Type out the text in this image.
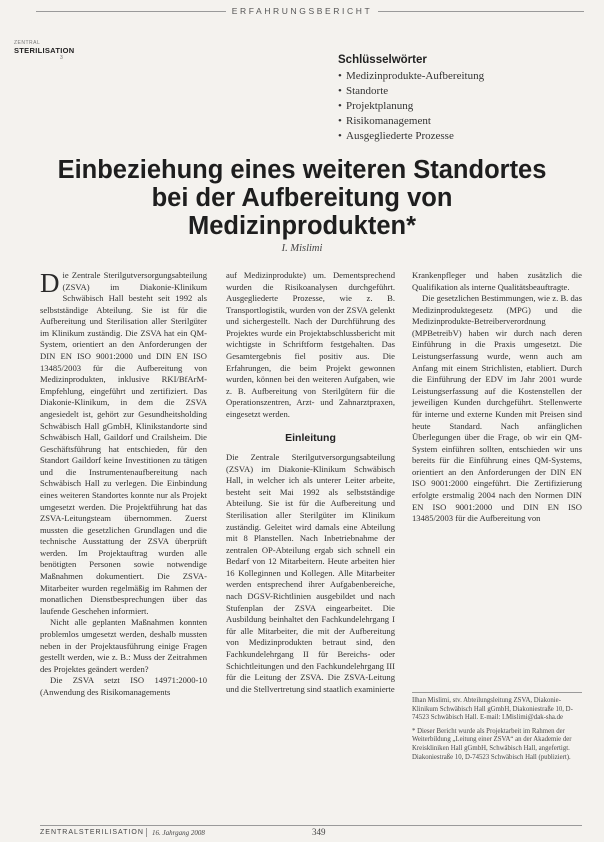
ERFAHRUNGSBERICHT
ZENTRAL
STERILISATION
3	Schlüsselwörter
• Medizinprodukte-Aufbereitung
• Standorte
• Projektplanung
• Risikomanagement
• Ausgegliederte Prozesse
Einbeziehung eines weiteren Standortes bei der Aufbereitung von Medizinprodukten*
I. Mislimi

Die Zentrale Sterilgutversorgungsabteilung (ZSVA) im Diakonie-Klinikum Schwäbisch Hall besteht seit 1992 als selbstständige Abteilung. Sie ist für die Aufbereitung und Sterilisation aller Sterilgüter im Klinikum zuständig. Die ZSVA hat ein QM-System, orientiert an den Anforderungen der DIN EN ISO 9001:2000 und DIN EN ISO 13485/2003 für die Aufbereitung von Medizinprodukten, inklusive RKI/BfArM-Empfehlung, eingeführt und zertifiziert. Das Diakonie-Klinikum, in dem die ZSVA angesiedelt ist, gehört zur Gesundheitsholding Schwäbisch Hall gGmbH, Klinikstandorte sind Schwäbisch Hall, Gaildorf und Crailsheim. Die Geschäftsführung hat entschieden, für den Standort Gaildorf keine Investitionen zu tätigen und die Instrumentenaufbereitung nach Schwäbisch Hall zu verlegen. Die Einbindung eines weiteren Standortes konnte nur als Projekt umgesetzt werden. Die Projektführung hat das ZSVA-Leitungsteam übernommen. Zuerst mussten die gesetzlichen Grundlagen und die technische Ausstattung der ZSVA überprüft werden. Im Projektauftrag wurden alle benötigten Personen sowie notwendige Maßnahmen dokumentiert. Die ZSVA-Mitarbeiter wurden regelmäßig im Rahmen der monatlichen Dienstbesprechungen über das laufende Geschehen informiert.

Nicht alle geplanten Maßnahmen konnten problemlos umgesetzt werden, deshalb mussten neben in der Projektausführung einige Fragen gestellt werden, wie z. B.: Muss der Zeitrahmen des Projektes geändert werden?

Die ZSVA setzt ISO 14971:2000-10 (Anwendung des Risikomanagements

auf Medizinprodukte) um. Dementsprechend wurden die Risikoanalysen durchgeführt. Ausgegliederte Prozesse, wie z. B. Transportlogistik, wurden von der ZSVA gelenkt und sichergestellt. Nach der Durchführung des Projektes wurde ein Projektabschlussbericht mit wichtigste in Schriftform festgehalten. Das Gesamtergebnis fiel positiv aus. Die Erfahrungen, die beim Projekt gewonnen wurden, können bei den weiteren Aufgaben, wie z. B. Aufbereitung von Sterilgütern für die Operationszentren, Arzt- und Zahnarztpraxen, eingesetzt werden.

Einleitung

Die Zentrale Sterilgutversorgungsabteilung (ZSVA) im Diakonie-Klinikum Schwäbisch Hall, in welcher ich als unterer Leiter arbeite, besteht seit Mai 1992 als selbstständige Abteilung. Sie ist für die Aufbereitung und Sterilisation aller Sterilgüter im Klinikum zuständig. Geleitet wird damals eine Abteilung mit 8 Planstellen. Nach Inbetriebnahme der zentralen OP-Abteilung ergab sich schnell ein Bedarf von 12 Mitarbeitern. Heute arbeiten hier 16 Kolleginnen und Kollegen. Alle Mitarbeiter werden entsprechend ihrer Aufgabenbereiche, nach DGSV-Richtlinien ausgebildet und nach Stufenplan der ZSVA eingearbeitet. Die Ausbildung beinhaltet den Fachkundelehrgang I für alle Mitarbeiter, die mit der Aufbereitung von Medizinprodukten betraut sind, den Fachkundelehrgang II für Bereichs- oder Schichtleitungen und den Fachkundelehrgang III für die Leitung der ZSVA. Die ZSVA-Leitung und die Stellvertretung sind staatlich examinierte

Krankenpfleger und haben zusätzlich die Qualifikation als interne Qualitätsbeauftragte.

Die gesetzlichen Bestimmungen, wie z. B. das Medizinproduktegesetz (MPG) und die Medizinprodukte-Betreiberverordnung (MPBetreibV) haben wir durch nach deren Einführung in die Praxis umgesetzt. Die Leistungserfassung wurde, wenn auch am Anfang mit einem Strichlisten, etabliert. Durch die Einführung der EDV im Jahr 2001 wurde Leistungserfassung auf die Kostenstellen der jeweiligen Kunden durchgeführt. Stellenwerte für interne und externe Kunden mit Preisen sind heute Standard. Nach anfänglichen Überlegungen über die Frage, ob wir ein QM-System einführen sollten, entschieden wir uns bereits für die Einführung eines QM-Systems, orientiert an den Anforderungen der DIN EN ISO 9001:2000 eingeführt. Die Zertifizierung erfolgte erstmalig 2004 nach den Normen DIN EN ISO 9001:2000 und DIN EN ISO 13485/2003 für die Aufbereitung von

Ilhan Mislimi, stv. Abteilungsleitung ZSVA, Diakonie-Klinikum Schwäbisch Hall gGmbH, Diakoniestraße 10, D-74523 Schwäbisch Hall. E-mail: I.Mislimi@dak-sha.de

* Dieser Bericht wurde als Projektarbeit im Rahmen der Weiterbildung „Leitung einer ZSVA“ an der Akademie der Kreiskliniken Hall gGmbH, Schwäbisch Hall, angefertigt. Diakoniestraße 10, D-74523 Schwäbisch Hall (publiziert).

ZENTRALSTERILISATION 16. Jahrgang 2008	349
